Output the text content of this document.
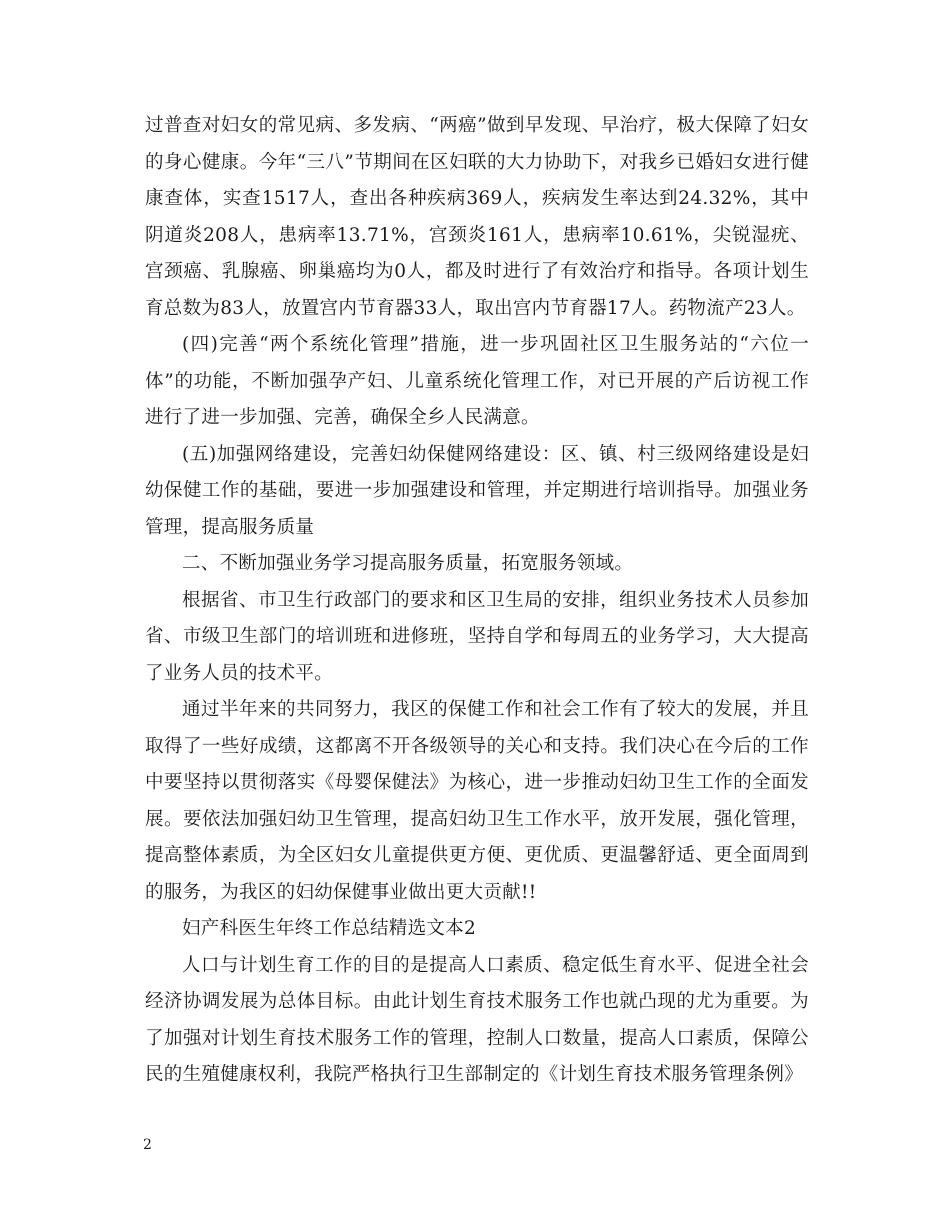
过普查对妇女的常见病、多发病、“两癌”做到早发现、早治疗，极大保障了妇女的身心健康。今年“三八”节期间在区妇联的大力协助下，对我乡已婚妇女进行健康查体，实查1517人，查出各种疾病369人，疾病发生率达到24.32%，其中阴道炎208人，患病率13.71%，宫颈炎161人，患病率10.61%，尖锐湿疣、宫颈癌、乳腺癌、卵巢癌均为0人，都及时进行了有效治疗和指导。各项计划生育总数为83人，放置宫内节育器33人，取出宫内节育器17人。药物流产23人。

(四)完善“两个系统化管理”措施，进一步巩固社区卫生服务站的“六位一体”的功能，不断加强孕产妇、儿童系统化管理工作，对已开展的产后访视工作进行了进一步加强、完善，确保全乡人民满意。

(五)加强网络建设，完善妇幼保健网络建设：区、镇、村三级网络建设是妇幼保健工作的基础，要进一步加强建设和管理，并定期进行培训指导。加强业务管理，提高服务质量

二、不断加强业务学习提高服务质量，拓宽服务领域。

根据省、市卫生行政部门的要求和区卫生局的安排，组织业务技术人员参加省、市级卫生部门的培训班和进修班，坚持自学和每周五的业务学习，大大提高了业务人员的技术平。

通过半年来的共同努力，我区的保健工作和社会工作有了较大的发展，并且取得了一些好成绩，这都离不开各级领导的关心和支持。我们决心在今后的工作中要坚持以贯彻落实《母婴保健法》为核心，进一步推动妇幼卫生工作的全面发展。要依法加强妇幼卫生管理，提高妇幼卫生工作水平，放开发展，强化管理，提高整体素质，为全区妇女儿童提供更方便、更优质、更温馨舒适、更全面周到的服务，为我区的妇幼保健事业做出更大贡献!!

妇产科医生年终工作总结精选文本2

人口与计划生育工作的目的是提高人口素质、稳定低生育水平、促进全社会经济协调发展为总体目标。由此计划生育技术服务工作也就凸现的尤为重要。为了加强对计划生育技术服务工作的管理，控制人口数量，提高人口素质，保障公民的生殖健康权利，我院严格执行卫生部制定的《计划生育技术服务管理条例》

2
